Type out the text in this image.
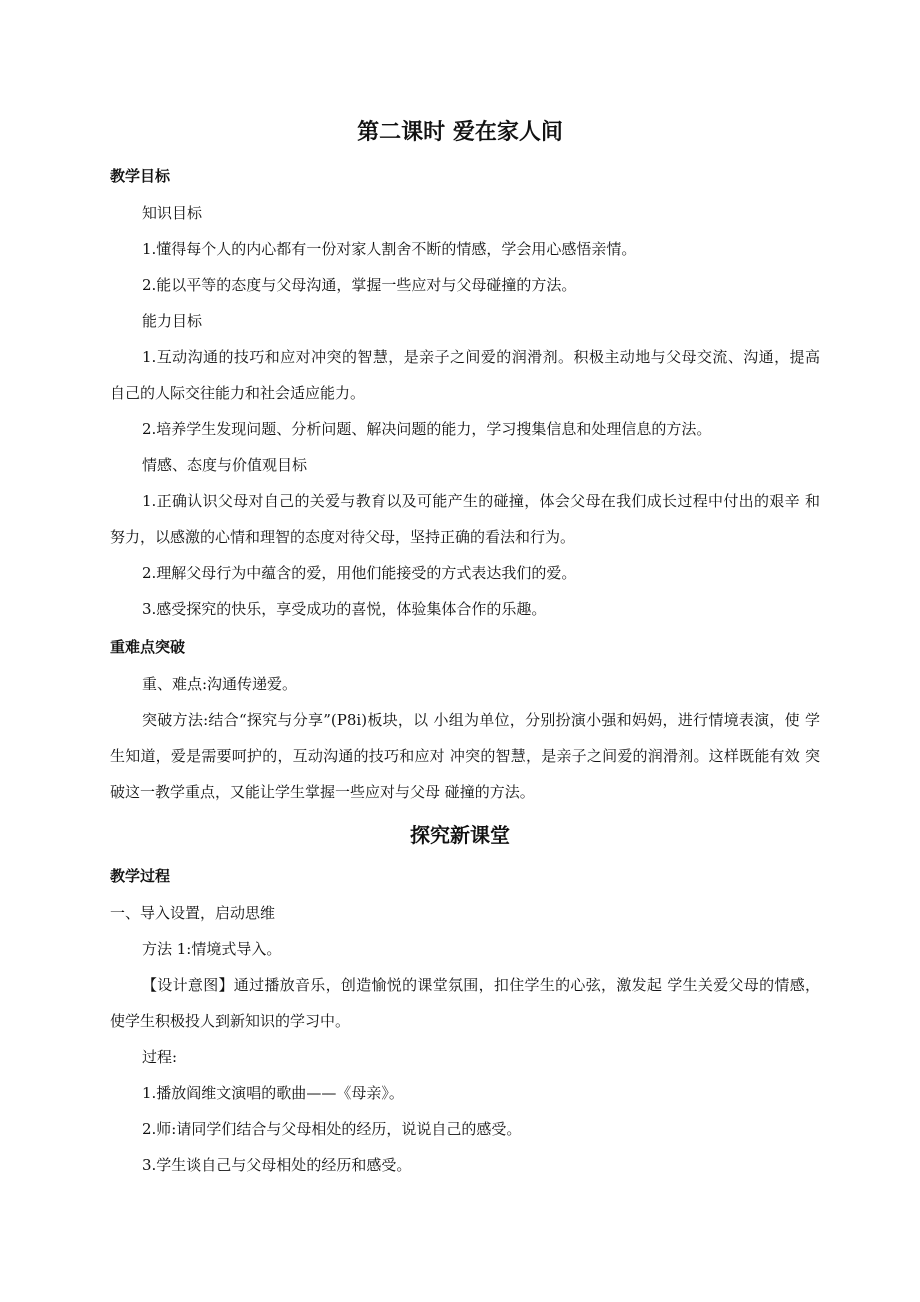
第二课时 爱在家人间
教学目标
知识目标
1.懂得每个人的内心都有一份对家人割舍不断的情感，学会用心感悟亲情。
2.能以平等的态度与父母沟通，掌握一些应对与父母碰撞的方法。
能力目标
1.互动沟通的技巧和应对冲突的智慧，是亲子之间爱的润滑剂。积极主动地与父母交流、沟通，提高 自己的人际交往能力和社会适应能力。
2.培养学生发现问题、分析问题、解决问题的能力，学习搜集信息和处理信息的方法。
情感、态度与价值观目标
1.正确认识父母对自己的关爱与教育以及可能产生的碰撞，体会父母在我们成长过程中付出的艰辛 和努力，以感激的心情和理智的态度对待父母，坚持正确的看法和行为。
2.理解父母行为中蕴含的爱，用他们能接受的方式表达我们的爱。
3.感受探究的快乐，享受成功的喜悦，体验集体合作的乐趣。
重难点突破
重、难点:沟通传递爱。
突破方法:结合“探究与分享”(P8i)板块，以 小组为单位，分别扮演小强和妈妈，进行情境表演，使 学生知道，爱是需要呵护的，互动沟通的技巧和应对 冲突的智慧，是亲子之间爱的润滑剂。这样既能有效 突破这一教学重点，又能让学生掌握一些应对与父母 碰撞的方法。
探究新课堂
教学过程
一、导入设置，启动思维
方法 1:情境式导入。
【设计意图】通过播放音乐，创造愉悦的课堂氛围，扣住学生的心弦，激发起 学生关爱父母的情感，使学生积极投人到新知识的学习中。
过程:
1.播放阎维文演唱的歌曲——《母亲》。
2.师:请同学们结合与父母相处的经历，说说自己的感受。
3.学生谈自己与父母相处的经历和感受。
